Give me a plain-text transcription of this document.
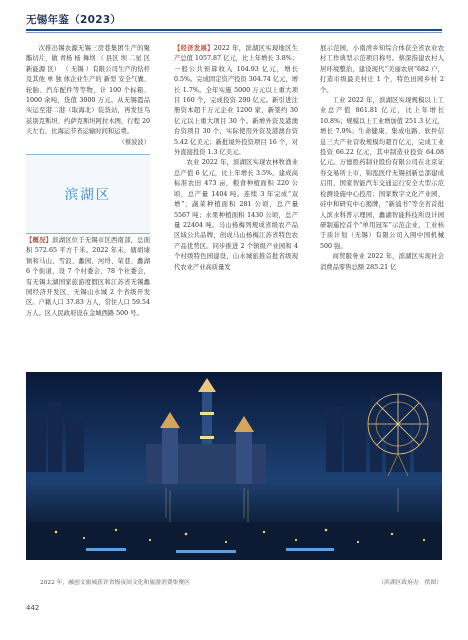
无锡年鉴（2023）

次推出锡农源无锡三房巷集团生产的聚酯切片，做 青杨 杨 舞坝 （ 县区 坝 二星 区 新能源 区） （ 无锡 ）有限公司生产的钻杆及其他 单 独 体企业生产的 新型 安全气囊、轮胎、汽车配件等等物，计 100 个标箱、1000 余吨，货值 3000 万元。从无锡霞品实运至港二港（取海北）装货站，再发往乌兹别克斯坦、约萨克斯坦阿拉木图，行程 20 天左右，比海运节省运输时间和运费。

（蔡波波）

滨湖区

【概况】滨湖区位于无锡市区西南部，总面积 572.65 平方千米。2022 年末，辖胡埭镇和马山、雪浪、蠡园、河埒、荣巷、蠡湖 6 个街道，设 7 个村委会、78 个社委会，有无锡太湖国家旅游度假区和江苏省无锡蠡园经济开发区、无锡山水城 2 个省级开发区。户籍人口 37.83 万人，常住人口 59.54 万人。区人民政府设在金城西路 500 号。

【经济发展】2022 年，滨湖区实现地区生产总值 1057.87 亿元，比上年增长 3.8%；一般公共预算收入 104.93 亿元，增长 0.5%。完成固定资产投资 304.74 亿元，增长 1.7%。全年实施 5000 万元以上重大项目 160 个，完成投资 290 亿元。新引进注册资本超千万元企业 1200 家，新签约 30 亿元以上重大项目 30 个。新增外资及港澳台资项目 30 个，实际使用外资及港澳台资 5.42 亿美元；新批境外投资项目 16 个，对外直接投资 1.3 亿美元。

农业 2022 年，滨湖区实现农林牧渔业总产值 6 亿元，比上年增长 3.5%。建成高标准农田 473 亩，粮食种植面积 220 公顷，总产量 1404 吨。连续 3 年完成“双增”；蔬菜种植面积 281 公顷，总产量 5567 吨；水果种植面积 1430 公顷，总产量 22404 吨。马山杨梅列规成省级农产品区域公共品牌，创成马山杨梅江苏省特色农产品优势区。同步推进 2 个镇级产业园和 4 个村级特色园建设，山水城旅推首批省级现代农业产业高质量发

展示范园，小南湾乡知综合体获全省农业农村工作典型示范项目称号。蔡深指建农村人居环境整治，建设现代“美丽农居”682 户，打造市级最美村庄 1 个，特色田园乡村 2 个。

工业 2022 年，滨湖区实现规模以上工业总产值 861.81 亿元，比上年增长 10.8%；规模以上工业增加值 251.3 亿元，增长 7.9%；生命健康、集成电路、软件信息三大产业营收规模均超百亿元，完成工业投资 66.22 亿元，其中制造业投资 64.08 亿元。万德胜药制业股份有限公司在北京证券交易所上市，锦泓医疗无锡创新总部建成启用，国家智能汽车交通运行安全大型示范检测设施中心投用；国家数字文化产业园、硅中和研究中心揭牌，“新浦书”等全省首批人滨水科普示理园，蠡湖智能科技所设计园研制遥控首个“单用冠军”示范企业，工业核于质计划（无锡）有限公司入围中国机械 500 强。

商贸服务业 2022 年，滨湖区实现社会消费品零售总额 285.21 亿

2022 年，融创文旅城获评省级夜间文化和旅游消费集聚区	（滨湖区政府办　供图）
442
